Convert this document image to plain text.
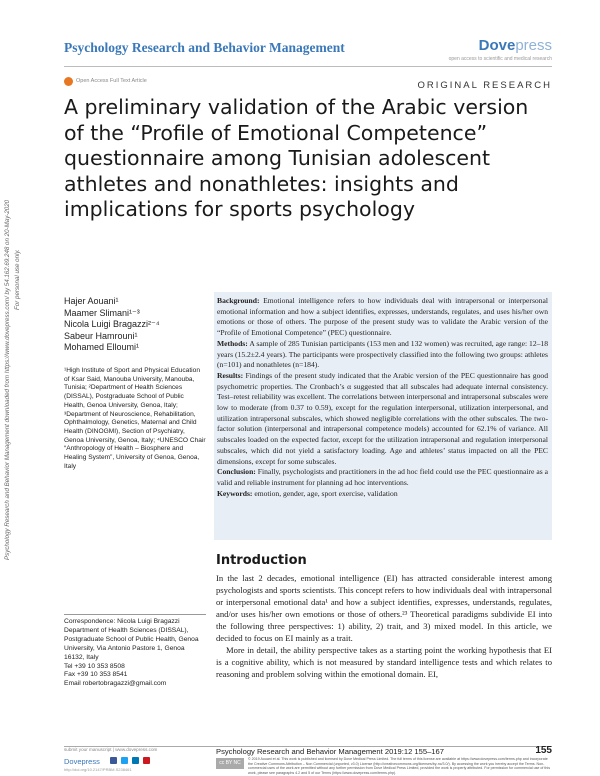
Psychology Research and Behavior Management	Dovepress
open access to scientific and medical research
Open Access Full Text Article	ORIGINAL RESEARCH
A preliminary validation of the Arabic version of the “Profile of Emotional Competence” questionnaire among Tunisian adolescent athletes and nonathletes: insights and implications for sports psychology
Psychology Research and Behavior Management downloaded from https://www.dovepress.com/ by 54.162.69.248 on 20-May-2020 For personal use only.	Hajer Aouani¹
Maamer Slimani¹⁻³
Nicola Luigi Bragazzi²⁻⁴
Sabeur Hamrouni¹
Mohamed Elloumi¹
¹High Institute of Sport and Physical Education of Ksar Said, Manouba University, Manouba, Tunisia; ²Department of Health Sciences (DISSAL), Postgraduate School of Public Health, Genoa University, Genoa, Italy; ³Department of Neuroscience, Rehabilitation, Ophthalmology, Genetics, Maternal and Child Health (DINOGMI), Section of Psychiatry, Genoa University, Genoa, Italy; ⁴UNESCO Chair “Anthropology of Health – Biosphere and Healing System”, University of Genoa, Genoa, Italy
Background: Emotional intelligence refers to how individuals deal with intrapersonal or interpersonal emotional information and how a subject identifies, expresses, understands, regulates, and uses his/her own emotions or those of others. The purpose of the present study was to validate the Arabic version of the “Profile of Emotional Competence” (PEC) questionnaire.
Methods: A sample of 285 Tunisian participants (153 men and 132 women) was recruited, age range: 12–18 years (15.2±2.4 years). The participants were prospectively classified into the following two groups: athletes (n=101) and nonathletes (n=184).
Results: Findings of the present study indicated that the Arabic version of the PEC questionnaire has good psychometric properties. The Cronbach’s α suggested that all subscales had adequate internal consistency. Test–retest reliability was excellent. The correlations between interpersonal and intrapersonal subscales were low to moderate (from 0.37 to 0.59), except for the regulation interpersonal, utilization interpersonal, and utilization intrapersonal subscales, which showed negligible correlations with the other subscales. The two-factor solution (interpersonal and intrapersonal competence models) accounted for 62.1% of variance. All subscales loaded on the expected factor, except for the utilization intrapersonal and regulation interpersonal subscales, which did not yield a satisfactory loading. Age and athletes’ status impacted on all the PEC dimensions, except for some subscales.
Conclusion: Finally, psychologists and practitioners in the ad hoc field could use the PEC questionnaire as a valid and reliable instrument for planning ad hoc interventions.
Keywords: emotion, gender, age, sport exercise, validation
Correspondence: Nicola Luigi Bragazzi
Department of Health Sciences (DISSAL), Postgraduate School of Public Health, Genoa University, Via Antonio Pastore 1, Genoa 16132, Italy
Tel +39 10 353 8508
Fax +39 10 353 8541
Email robertobragazzi@gmail.com
Introduction

In the last 2 decades, emotional intelligence (EI) has attracted considerable interest among psychologists and sports scientists. This concept refers to how individuals deal with intrapersonal or interpersonal emotional data¹ and how a subject identifies, expresses, understands, regulates, and/or uses his/her own emotions or those of others.²³ Theoretical paradigms subdivide EI into the following three perspectives: 1) ability, 2) trait, and 3) mixed model. In this article, we decided to focus on EI mainly as a trait.

More in detail, the ability perspective takes as a starting point the working hypothesis that EI is a cognitive ability, which is not measured by standard intelligence tests and which relates to reasoning and problem solving within the emotional domain. EI,

submit your manuscript | www.dovepress.com
Dovepress
http://doi.org/10.2147/PRBM.S238461
Psychology Research and Behavior Management 2019:12 155–167	155
cc BY NC
© 2019 Aouani et al. This work is published and licensed by Dove Medical Press Limited. The full terms of this license are available at https://www.dovepress.com/terms.php and incorporate the Creative Commons Attribution – Non Commercial (unported, v3.0) License (http://creativecommons.org/licenses/by-nc/3.0/). By accessing the work you hereby accept the Terms. Non-commercial uses of the work are permitted without any further permission from Dove Medical Press Limited, provided the work is properly attributed. For permission for commercial use of this work, please see paragraphs 4.2 and 5 of our Terms (https://www.dovepress.com/terms.php).
